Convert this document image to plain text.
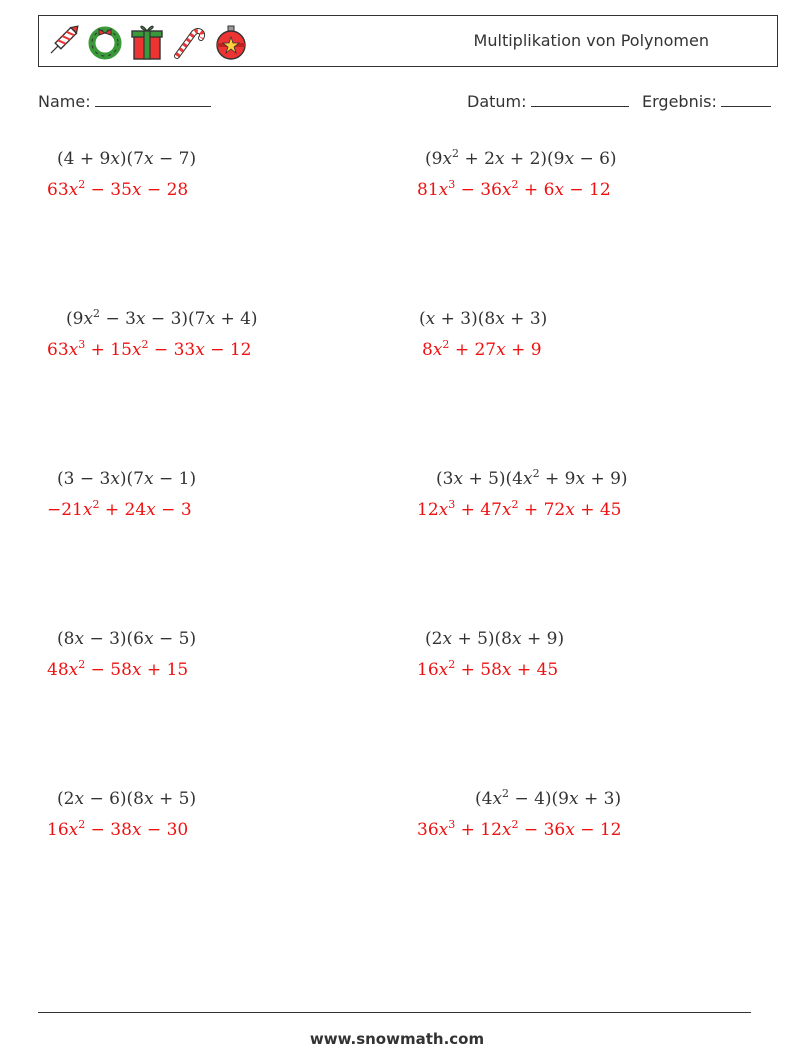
Multiplikation von Polynomen
Name:	Datum:	Ergebnis:
(4 + 9x)(7x − 7)
$63x^2 - 35x - 28$
$(9x^2 + 2x + 2)(9x - 6)$
$81x^3 - 36x^2 + 6x - 12$
$(9x^2 - 3x - 3)(7x + 4)$
$63x^3 + 15x^2 - 33x - 12$
(x + 3)(8x + 3)
$8x^2 + 27x + 9$
(3 − 3x)(7x − 1)
$-21x^2 + 24x - 3$
$(3x + 5)(4x^2 + 9x + 9)$
$12x^3 + 47x^2 + 72x + 45$
(8x − 3)(6x − 5)
$48x^2 - 58x + 15$
(2x + 5)(8x + 9)
$16x^2 + 58x + 45$
(2x − 6)(8x + 5)
$16x^2 - 38x - 30$
$(4x^2 - 4)(9x + 3)$
$36x^3 + 12x^2 - 36x - 12$
www.snowmath.com
